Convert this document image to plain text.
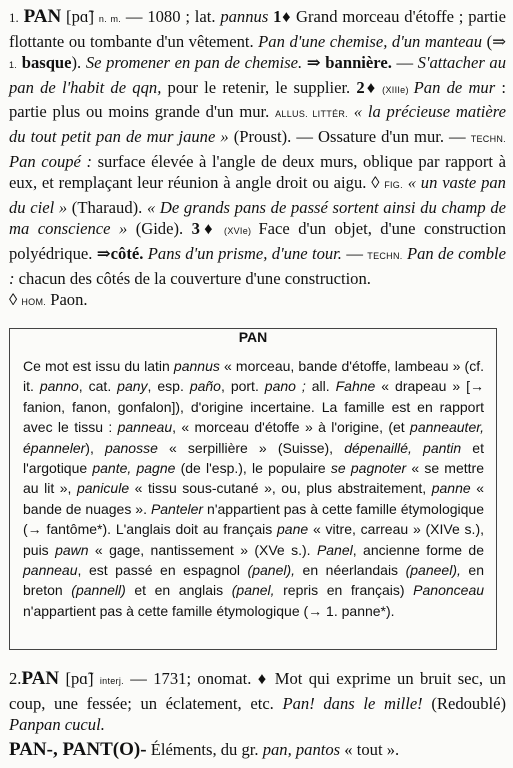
1. PAN [pɑ̃] n. m. — 1080 ; lat. pannus 1♦ Grand morceau d'étoffe ; partie flottante ou tombante d'un vêtement. Pan d'une chemise, d'un manteau (⇒ 1. basque). Se promener en pan de chemise. ⇒ bannière. — S'attacher au pan de l'habit de qqn, pour le retenir, le supplier. 2♦ (XIIIe) Pan de mur : partie plus ou moins grande d'un mur. ALLUS. LITTÉR. « la précieuse matière du tout petit pan de mur jaune » (Proust). — Ossature d'un mur. — TECHN. Pan coupé : surface élevée à l'angle de deux murs, oblique par rapport à eux, et remplaçant leur réunion à angle droit ou aigu. ◊ FIG. « un vaste pan du ciel » (Tharaud). « De grands pans de passé sortent ainsi du champ de ma conscience » (Gide). 3♦ (XVIe) Face d'un objet, d'une construction polyédrique. ⇒côté. Pans d'un prisme, d'une tour. — TECHN. Pan de comble : chacun des côtés de la couverture d'une construction.
◊ HOM. Paon.
PAN
Ce mot est issu du latin pannus « morceau, bande d'étoffe, lambeau » (cf. it. panno, cat. pany, esp. paño, port. pano ; all. Fahne « drapeau » [→ fanion, fanon, gonfalon]), d'origine incertaine. La famille est en rapport avec le tissu : panneau, « morceau d'étoffe » à l'origine, (et panneauter, épanneler), panosse « serpillière » (Suisse), dépenaillé, pantin et l'argotique pante, pagne (de l'esp.), le populaire se pagnoter « se mettre au lit », panicule « tissu sous-cutané », ou, plus abstraitement, panne « bande de nuages ». Panteler n'appartient pas à cette famille étymologique (→ fantôme*). L'anglais doit au français pane « vitre, carreau » (XIVe s.), puis pawn « gage, nantissement » (XVe s.). Panel, ancienne forme de panneau, est passé en espagnol (panel), en néerlandais (paneel), en breton (pannell) et en anglais (panel, repris en français) Panonceau n'appartient pas à cette famille étymologique (→ 1. panne*).
2.PAN [pɑ̃] interj. — 1731; onomat. ♦ Mot qui exprime un bruit sec, un coup, une fessée; un éclatement, etc. Pan! dans le mille! (Redoublé) Panpan cucul.
PAN-, PANT(O)- Éléments, du gr. pan, pantos « tout ».
